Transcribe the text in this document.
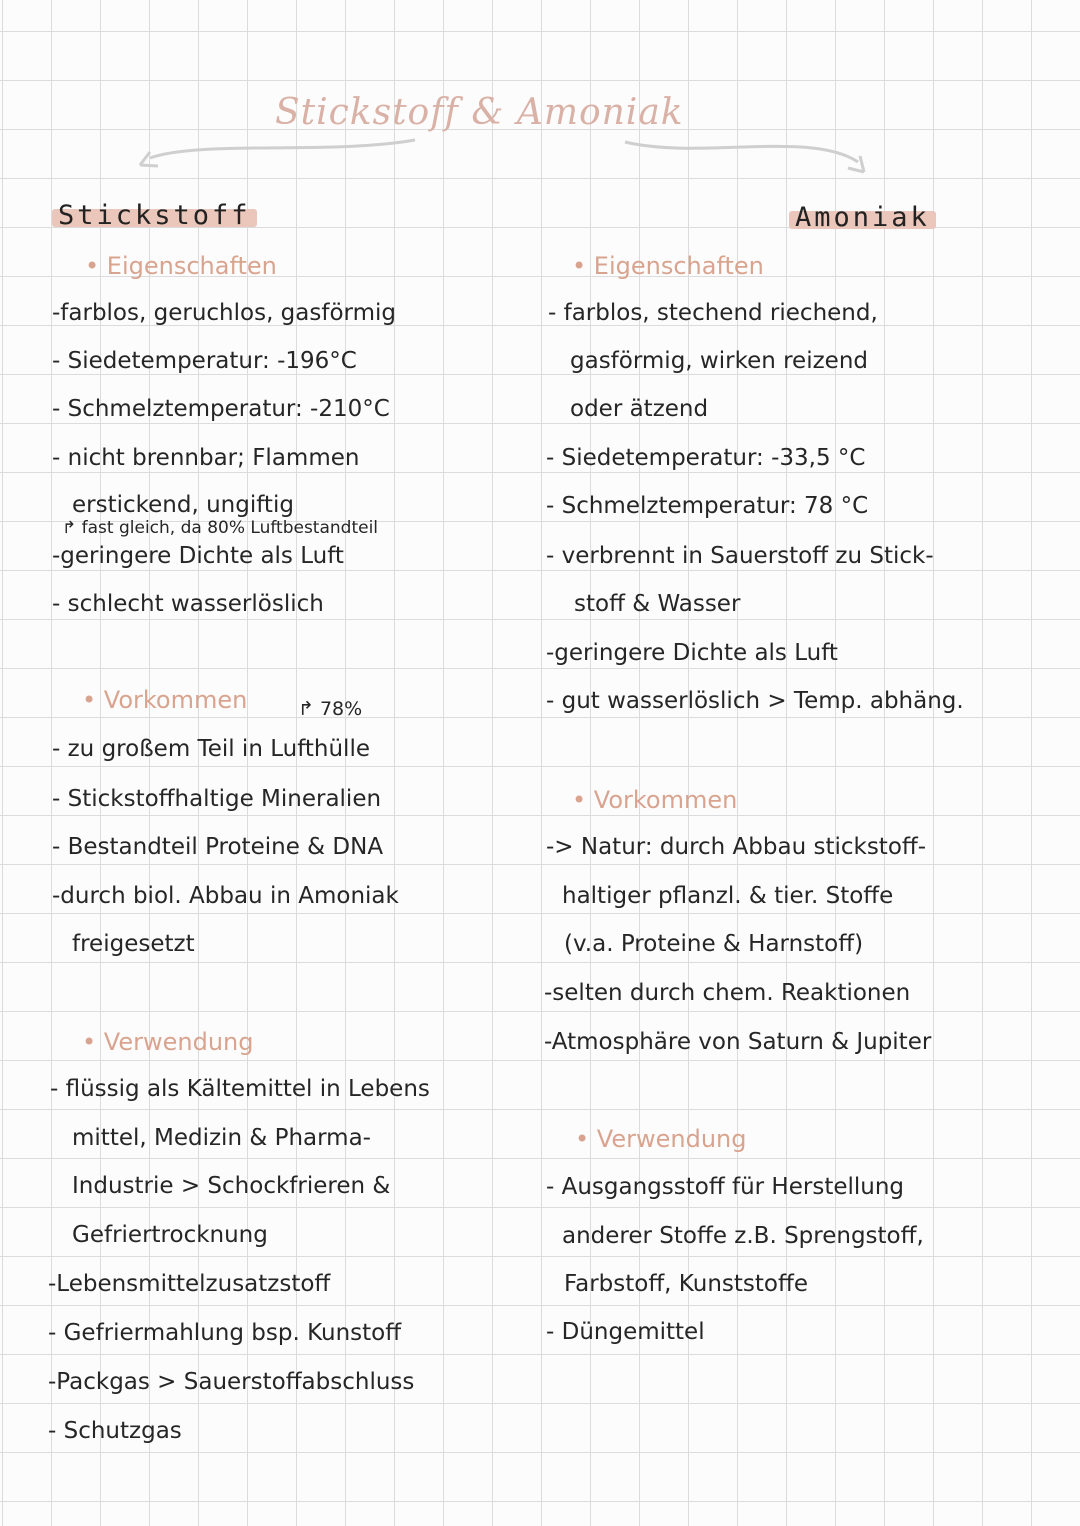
Stickstoff & Amoniak
Stickstoff
• Eigenschaften
-farblos, geruchlos, gasförmig
- Siedetemperatur: -196°C
- Schmelztemperatur: -210°C
- nicht brennbar; Flammen
erstickend, ungiftig
↱ fast gleich, da 80% Luftbestandteil
-geringere Dichte als Luft
- schlecht wasserlöslich
• Vorkommen	↱ 78%
- zu großem Teil in Lufthülle
- Stickstoffhaltige Mineralien
- Bestandteil Proteine & DNA
-durch biol. Abbau in Amoniak
freigesetzt
• Verwendung
- flüssig als Kältemittel in Lebens
mittel, Medizin & Pharma-
Industrie > Schockfrieren &
Gefriertrocknung
-Lebensmittelzusatzstoff
- Gefriermahlung bsp. Kunstoff
-Packgas > Sauerstoffabschluss
- Schutzgas
Amoniak
• Eigenschaften
- farblos, stechend riechend,
gasförmig, wirken reizend
oder ätzend
- Siedetemperatur: -33,5 °C
- Schmelztemperatur: 78 °C
- verbrennt in Sauerstoff zu Stick-
stoff & Wasser
-geringere Dichte als Luft
- gut wasserlöslich > Temp. abhäng.
• Vorkommen
-> Natur: durch Abbau stickstoff-
haltiger pflanzl. & tier. Stoffe
(v.a. Proteine & Harnstoff)
-selten durch chem. Reaktionen
-Atmosphäre von Saturn & Jupiter
• Verwendung
- Ausgangsstoff für Herstellung
anderer Stoffe z.B. Sprengstoff,
Farbstoff, Kunststoffe
- Düngemittel
